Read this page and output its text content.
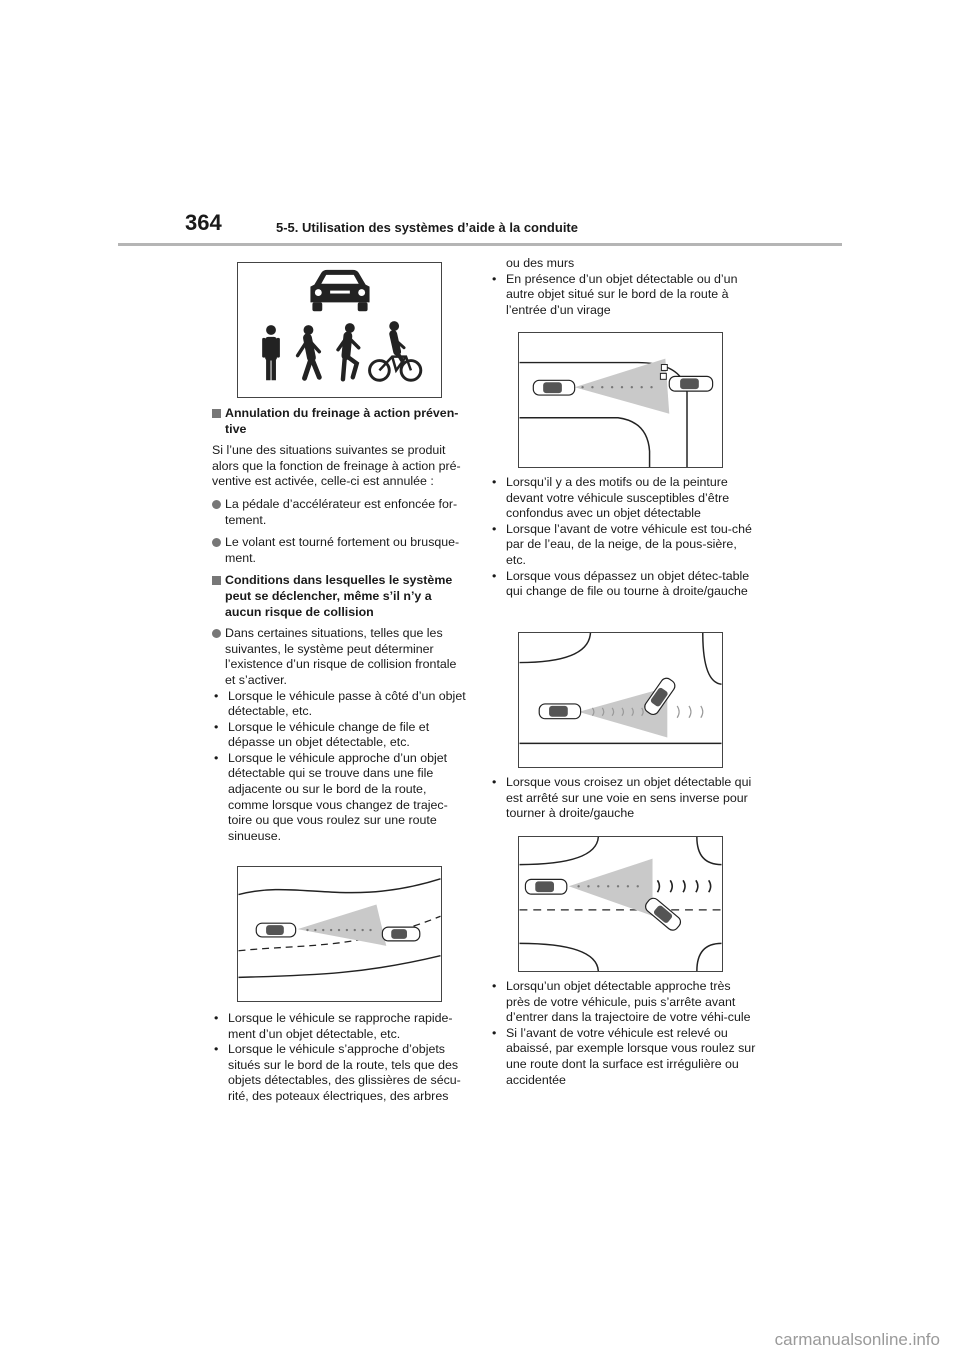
364	5-5. Utilisation des systèmes d’aide à la conduite
Annulation du freinage à action préven-tive

Si l’une des situations suivantes se produit alors que la fonction de freinage à action pré-ventive est activée, celle-ci est annulée :

La pédale d’accélérateur est enfoncée for-tement.
Le volant est tourné fortement ou brusque-ment.
Conditions dans lesquelles le système peut se déclencher, même s’il n’y a aucun risque de collision
Dans certaines situations, telles que les suivantes, le système peut déterminer l’existence d’un risque de collision frontale et s’activer.
• Lorsque le véhicule passe à côté d’un objet détectable, etc.
• Lorsque le véhicule change de file et dépasse un objet détectable, etc.
• Lorsque le véhicule approche d’un objet détectable qui se trouve dans une file adjacente ou sur le bord de la route, comme lorsque vous changez de trajec-toire ou que vous roulez sur une route sinueuse.
• Lorsque le véhicule se rapproche rapide-ment d’un objet détectable, etc.
• Lorsque le véhicule s’approche d’objets situés sur le bord de la route, tels que des objets détectables, des glissières de sécu-rité, des poteaux électriques, des arbres

ou des murs

• En présence d’un objet détectable ou d’un autre objet situé sur le bord de la route à l’entrée d’un virage
• Lorsqu’il y a des motifs ou de la peinture devant votre véhicule susceptibles d’être confondus avec un objet détectable
• Lorsque l’avant de votre véhicule est tou-ché par de l’eau, de la neige, de la pous-sière, etc.
• Lorsque vous dépassez un objet détec-table qui change de file ou tourne à droite/gauche
• Lorsque vous croisez un objet détectable qui est arrêté sur une voie en sens inverse pour tourner à droite/gauche
• Lorsqu’un objet détectable approche très près de votre véhicule, puis s’arrête avant d’entrer dans la trajectoire de votre véhi-cule
• Si l’avant de votre véhicule est relevé ou abaissé, par exemple lorsque vous roulez sur une route dont la surface est irrégulière ou accidentée
carmanualsonline.info
